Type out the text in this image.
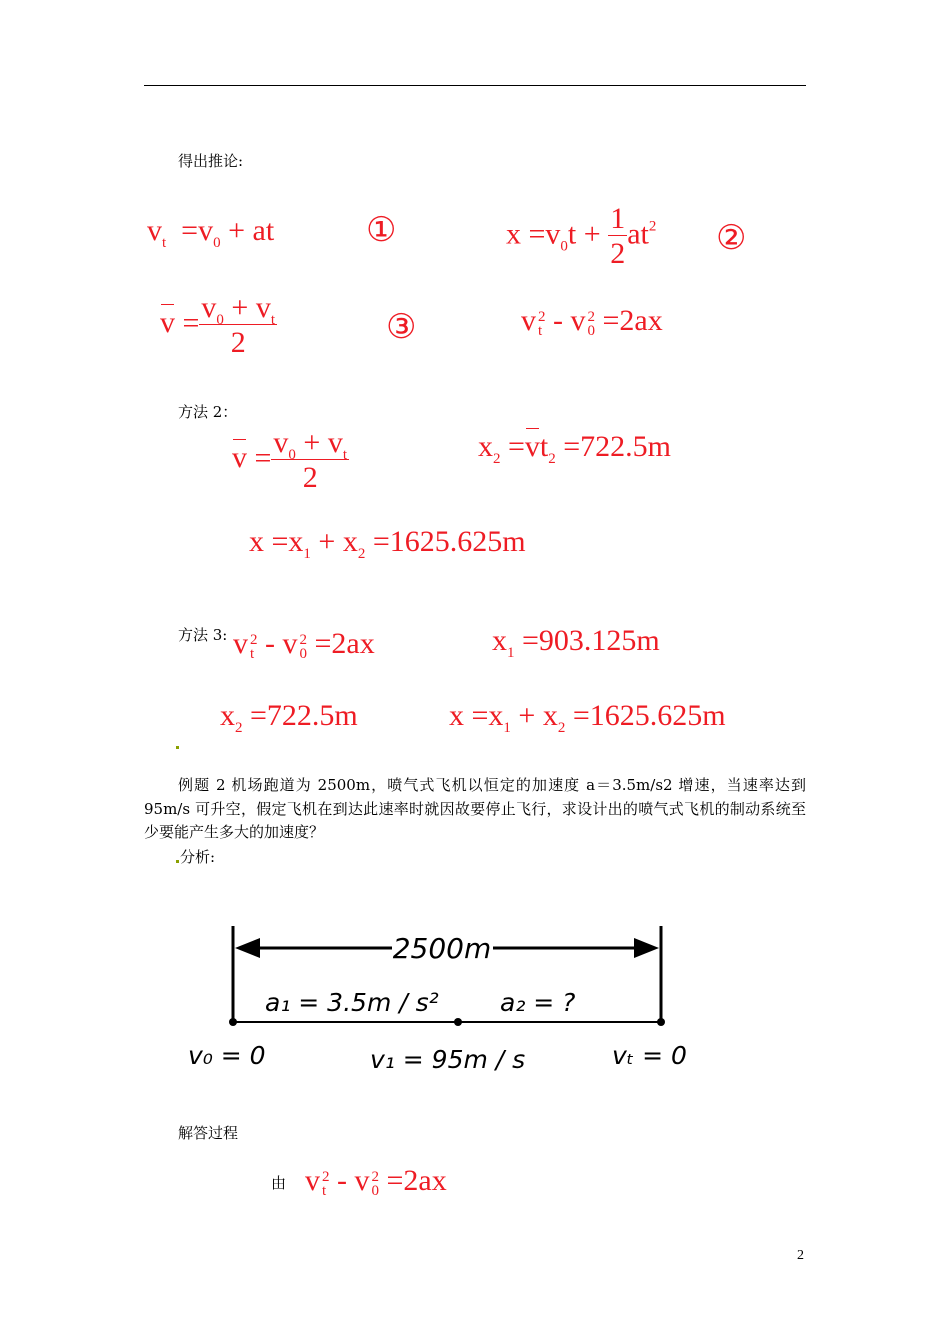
得出推论:
$v_t =v_0$ + at	①	$x =v_0t + \frac{1}{2} at^2$ ②
$v = \frac{v_0 + v_t}{2}$	③	v 2
t - v 2
0 =2ax
方法 2：
$v = \frac{v_0 + v_t}{2}$	$x_2 =vt_2 =722.5m$
$x =x_1 + x_2 =1625.625m$
方法 3: v 2
t - v 2
0 =2ax	$x_1 =903.125m$
$x_2 =722.5m$	$x =x_1 + x_2 =1625.625m$
例题 2 机场跑道为 2500m，喷气式飞机以恒定的加速度 a＝3.5m/s2 增速，当速率达到 95m/s 可升空，假定飞机在到达此速率时就因故要停止飞行，求设计出的喷气式飞机的制动系统至少要能产生多大的加速度？
分析:
2500m
a₁ = 3.5m / s² a₂ = ?
v₀ = 0	v₁ = 95m / s	vₜ = 0
解答过程
由 v 2
t - v 2
0 =2ax
2
